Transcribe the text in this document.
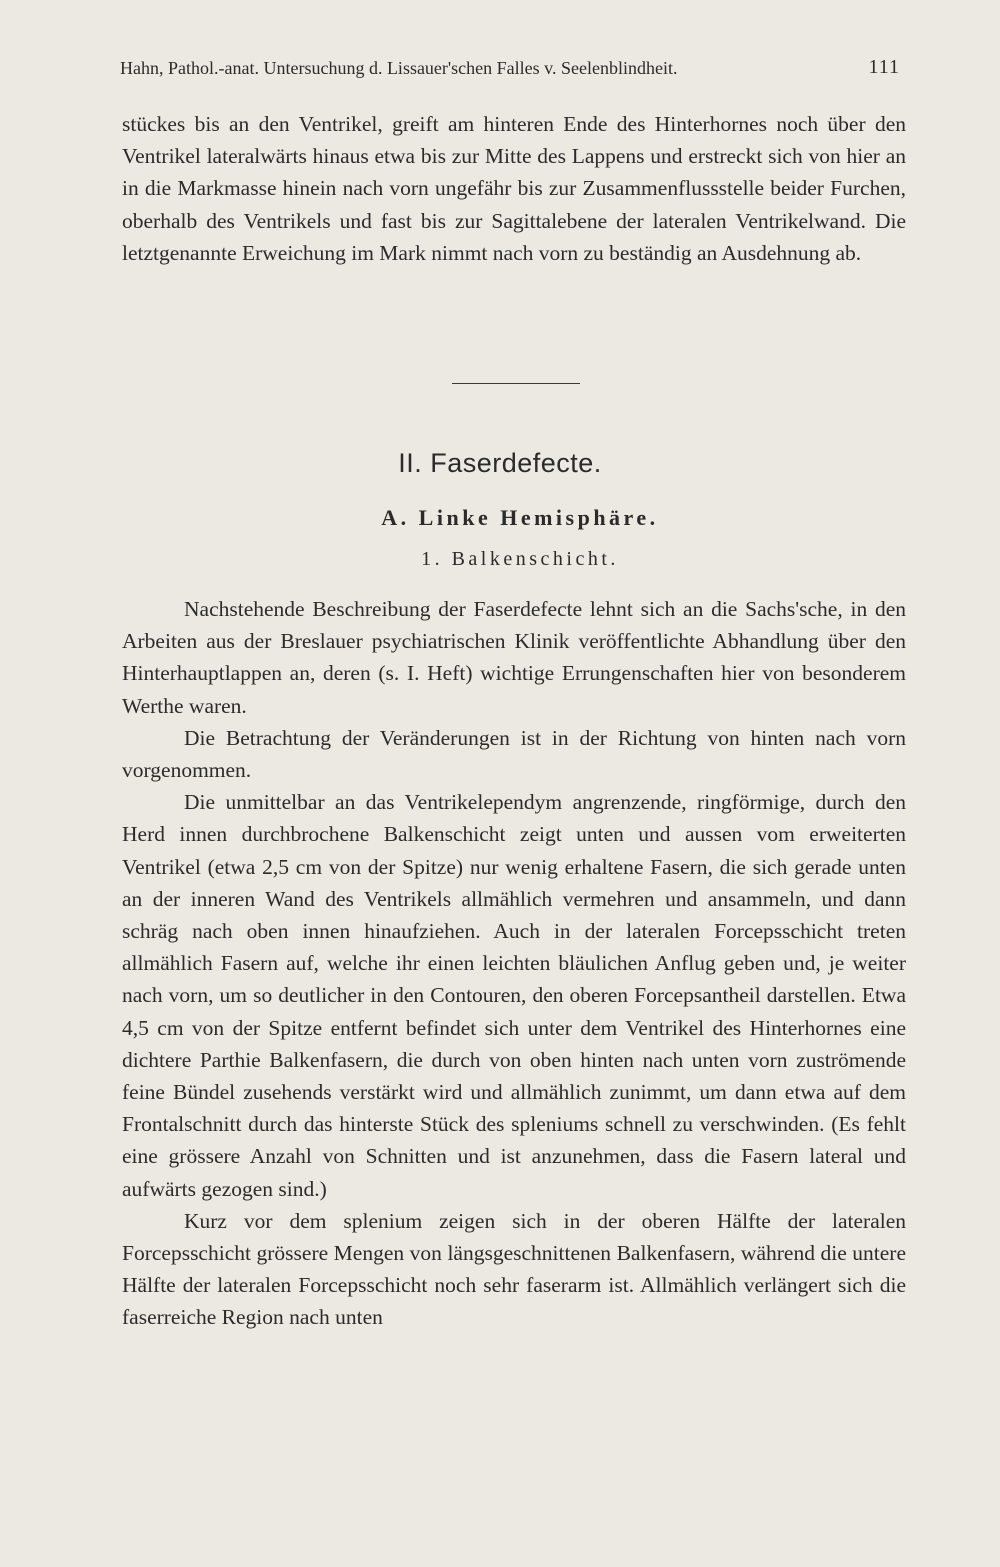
Hahn, Pathol.-anat. Untersuchung d. Lissauer'schen Falles v. Seelenblindheit.	111

stückes bis an den Ventrikel, greift am hinteren Ende des Hinterhornes noch über den Ventrikel lateralwärts hinaus etwa bis zur Mitte des Lappens und erstreckt sich von hier an in die Markmasse hinein nach vorn ungefähr bis zur Zusammenflussstelle beider Furchen, oberhalb des Ventrikels und fast bis zur Sagittalebene der lateralen Ventrikelwand. Die letztgenannte Erweichung im Mark nimmt nach vorn zu beständig an Ausdehnung ab.

II. Faserdefecte.
A. Linke Hemisphäre.
1. Balkenschicht.

Nachstehende Beschreibung der Faserdefecte lehnt sich an die Sachs'sche, in den Arbeiten aus der Breslauer psychiatrischen Klinik veröffentlichte Abhandlung über den Hinterhauptlappen an, deren (s. I. Heft) wichtige Errungenschaften hier von besonderem Werthe waren.

Die Betrachtung der Veränderungen ist in der Richtung von hinten nach vorn vorgenommen.

Die unmittelbar an das Ventrikelependym angrenzende, ringförmige, durch den Herd innen durchbrochene Balkenschicht zeigt unten und aussen vom erweiterten Ventrikel (etwa 2,5 cm von der Spitze) nur wenig erhaltene Fasern, die sich gerade unten an der inneren Wand des Ventrikels allmählich vermehren und ansammeln, und dann schräg nach oben innen hinaufziehen. Auch in der lateralen Forcepsschicht treten allmählich Fasern auf, welche ihr einen leichten bläulichen Anflug geben und, je weiter nach vorn, um so deutlicher in den Contouren, den oberen Forcepsantheil darstellen. Etwa 4,5 cm von der Spitze entfernt befindet sich unter dem Ventrikel des Hinterhornes eine dichtere Parthie Balkenfasern, die durch von oben hinten nach unten vorn zuströmende feine Bündel zusehends verstärkt wird und allmählich zunimmt, um dann etwa auf dem Frontalschnitt durch das hinterste Stück des spleniums schnell zu verschwinden. (Es fehlt eine grössere Anzahl von Schnitten und ist anzunehmen, dass die Fasern lateral und aufwärts gezogen sind.)

Kurz vor dem splenium zeigen sich in der oberen Hälfte der lateralen Forcepsschicht grössere Mengen von längsgeschnittenen Balkenfasern, während die untere Hälfte der lateralen Forcepsschicht noch sehr faserarm ist. Allmählich verlängert sich die faserreiche Region nach unten
